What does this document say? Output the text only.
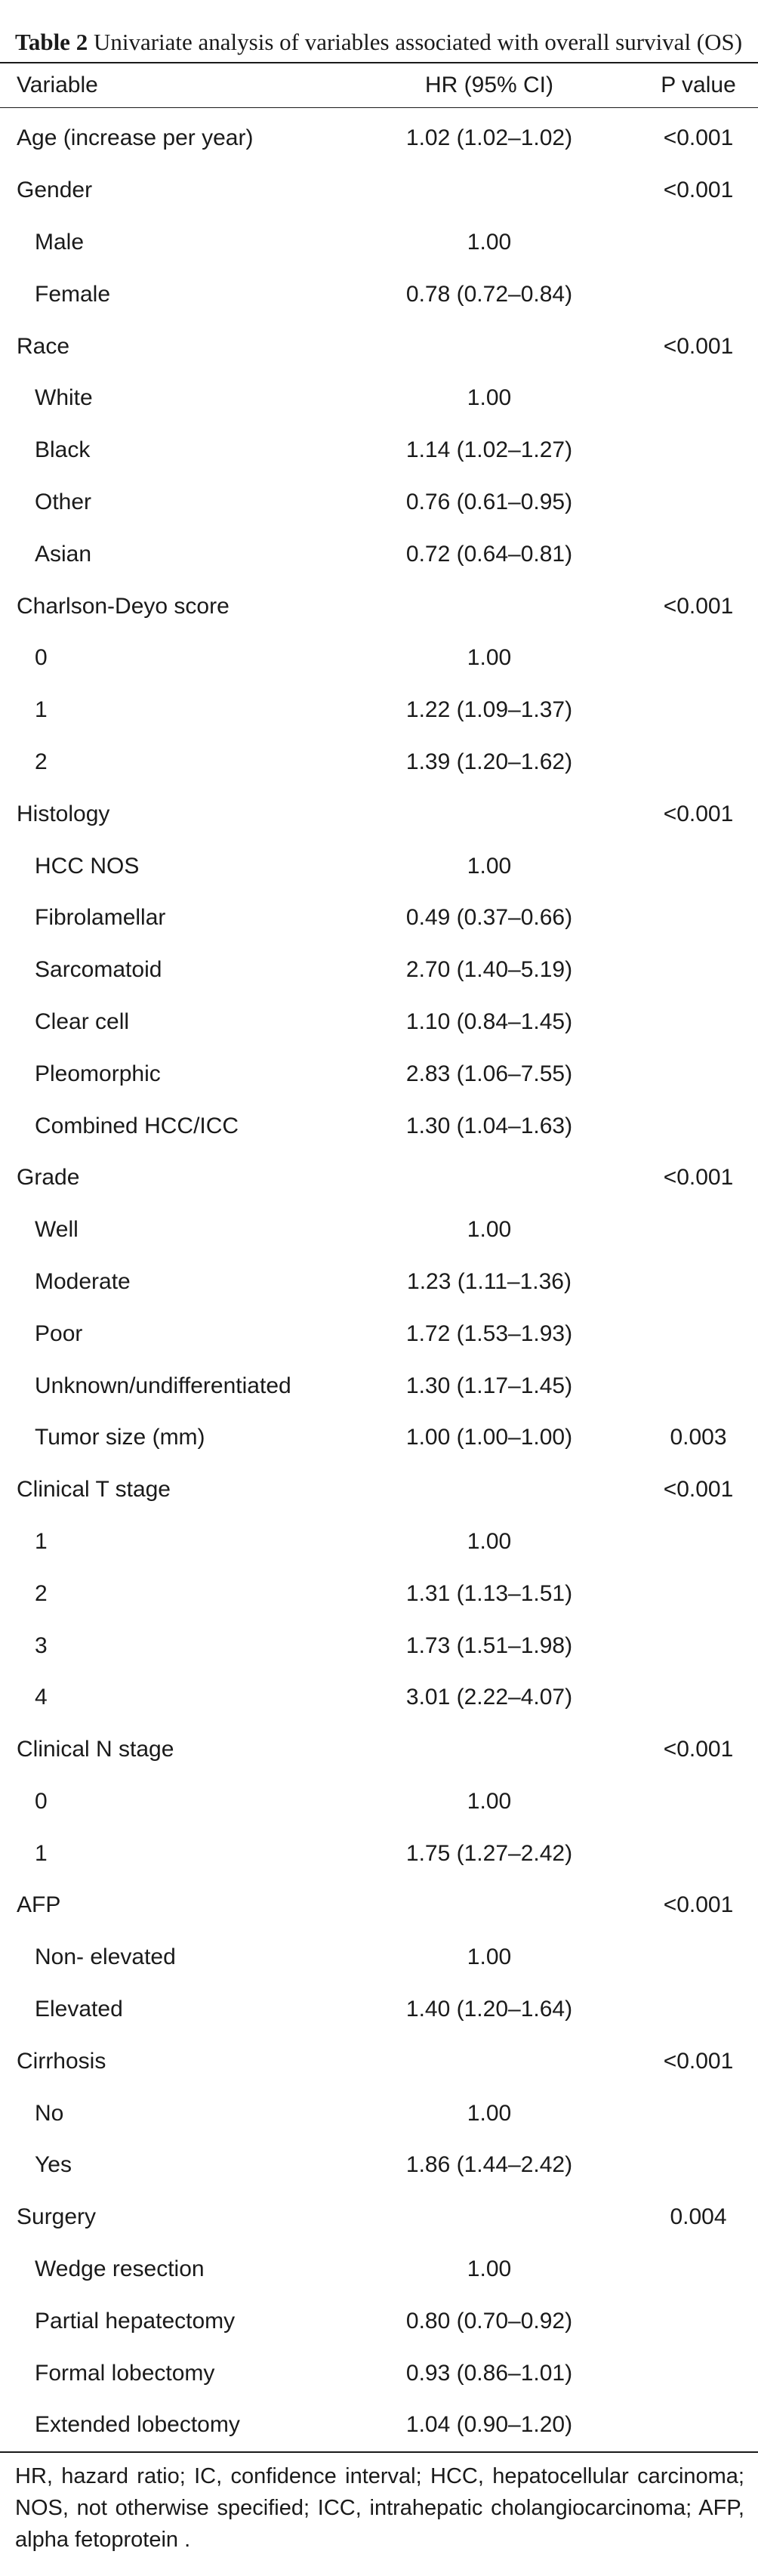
Table 2 Univariate analysis of variables associated with overall survival (OS)
Variable	HR (95% CI)	P value
Age (increase per year)	1.02 (1.02–1.02)	<0.001
Gender		<0.001
Male	1.00	
Female	0.78 (0.72–0.84)	
Race		<0.001
White	1.00	
Black	1.14 (1.02–1.27)	
Other	0.76 (0.61–0.95)	
Asian	0.72 (0.64–0.81)	
Charlson-Deyo score		<0.001
0	1.00	
1	1.22 (1.09–1.37)	
2	1.39 (1.20–1.62)	
Histology		<0.001
HCC NOS	1.00	
Fibrolamellar	0.49 (0.37–0.66)	
Sarcomatoid	2.70 (1.40–5.19)	
Clear cell	1.10 (0.84–1.45)	
Pleomorphic	2.83 (1.06–7.55)	
Combined HCC/ICC	1.30 (1.04–1.63)	
Grade		<0.001
Well	1.00	
Moderate	1.23 (1.11–1.36)	
Poor	1.72 (1.53–1.93)	
Unknown/undifferentiated	1.30 (1.17–1.45)	
Tumor size (mm)	1.00 (1.00–1.00)	0.003
Clinical T stage		<0.001
1	1.00	
2	1.31 (1.13–1.51)	
3	1.73 (1.51–1.98)	
4	3.01 (2.22–4.07)	
Clinical N stage		<0.001
0	1.00	
1	1.75 (1.27–2.42)	
AFP		<0.001
Non- elevated	1.00	
Elevated	1.40 (1.20–1.64)	
Cirrhosis		<0.001
No	1.00	
Yes	1.86 (1.44–2.42)	
Surgery		0.004
Wedge resection	1.00	
Partial hepatectomy	0.80 (0.70–0.92)	
Formal lobectomy	0.93 (0.86–1.01)	
Extended lobectomy	1.04 (0.90–1.20)	
HR, hazard ratio; IC, confidence interval; HCC, hepatocellular carcinoma; NOS, not otherwise specified; ICC, intrahepatic cholangiocarcinoma; AFP, alpha fetoprotein .
